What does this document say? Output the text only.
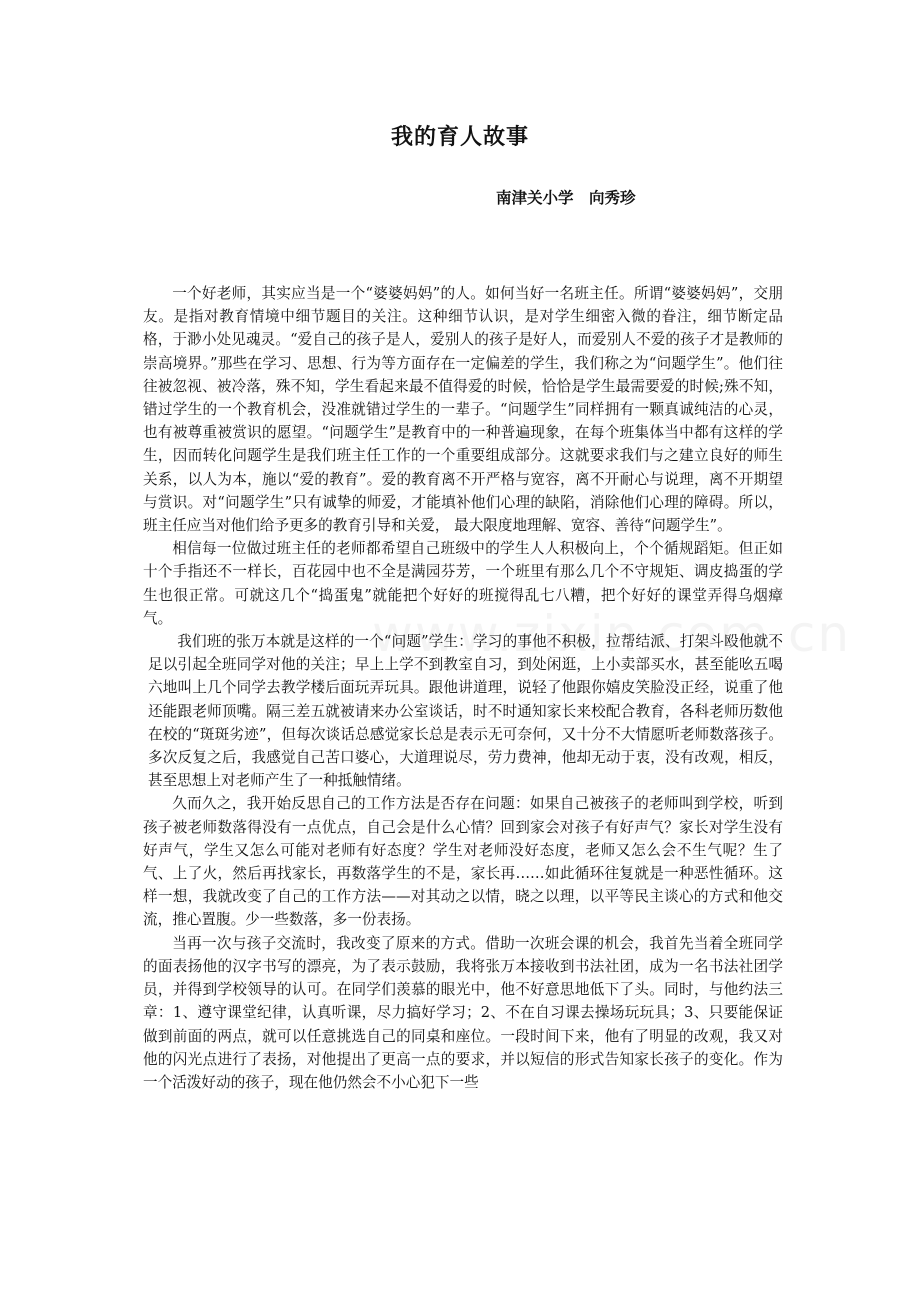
我的育人故事
南津关小学　向秀珍

一个好老师，其实应当是一个“婆婆妈妈”的人。如何当好一名班主任。所谓“婆婆妈妈”，交朋友。是指对教育情境中细节题目的关注。这种细节认识，是对学生细密入微的眷注，细节断定品格，于渺小处见魂灵。“爱自己的孩子是人，爱别人的孩子是好人，而爱别人不爱的孩子才是教师的崇高境界。”那些在学习、思想、行为等方面存在一定偏差的学生，我们称之为“问题学生”。他们往往被忽视、被冷落，殊不知，学生看起来最不值得爱的时候，恰恰是学生最需要爱的时候;殊不知，错过学生的一个教育机会，没准就错过学生的一辈子。“问题学生”同样拥有一颗真诚纯洁的心灵，也有被尊重被赏识的愿望。“问题学生”是教育中的一种普遍现象，在每个班集体当中都有这样的学生，因而转化问题学生是我们班主任工作的一个重要组成部分。这就要求我们与之建立良好的师生关系，以人为本，施以“爱的教育”。爱的教育离不开严格与宽容，离不开耐心与说理，离不开期望与赏识。对“问题学生”只有诚挚的师爱，才能填补他们心理的缺陷，消除他们心理的障碍。所以，班主任应当对他们给予更多的教育引导和关爱， 最大限度地理解、宽容、善待“问题学生”。

相信每一位做过班主任的老师都希望自己班级中的学生人人积极向上，个个循规蹈矩。但正如十个手指还不一样长，百花园中也不全是满园芬芳，一个班里有那么几个不守规矩、调皮捣蛋的学生也很正常。可就这几个“捣蛋鬼”就能把个好好的班搅得乱七八糟，把个好好的课堂弄得乌烟瘴气。

我们班的张万本就是这样的一个“问题”学生：学习的事他不积极，拉帮结派、打架斗殴他就不足以引起全班同学对他的关注；早上上学不到教室自习，到处闲逛，上小卖部买水，甚至能吆五喝六地叫上几个同学去教学楼后面玩弄玩具。跟他讲道理，说轻了他跟你嬉皮笑脸没正经，说重了他还能跟老师顶嘴。隔三差五就被请来办公室谈话，时不时通知家长来校配合教育，各科老师历数他在校的“斑斑劣迹”，但每次谈话总感觉家长总是表示无可奈何，又十分不大情愿听老师数落孩子。多次反复之后，我感觉自己苦口婆心，大道理说尽，劳力费神，他却无动于衷，没有改观，相反，甚至思想上对老师产生了一种抵触情绪。

久而久之，我开始反思自己的工作方法是否存在问题：如果自己被孩子的老师叫到学校，听到孩子被老师数落得没有一点优点，自己会是什么心情？回到家会对孩子有好声气？家长对学生没有好声气，学生又怎么可能对老师有好态度？学生对老师没好态度，老师又怎么会不生气呢？生了气、上了火，然后再找家长，再数落学生的不是，家长再……如此循环往复就是一种恶性循环。这样一想，我就改变了自己的工作方法——对其动之以情，晓之以理，以平等民主谈心的方式和他交流，推心置腹。少一些数落，多一份表扬。

当再一次与孩子交流时，我改变了原来的方式。借助一次班会课的机会，我首先当着全班同学的面表扬他的汉字书写的漂亮，为了表示鼓励，我将张万本接收到书法社团，成为一名书法社团学员，并得到学校领导的认可。在同学们羡慕的眼光中，他不好意思地低下了头。同时，与他约法三章：1、遵守课堂纪律，认真听课，尽力搞好学习；2、不在自习课去操场玩玩具；3、只要能保证做到前面的两点，就可以任意挑选自己的同桌和座位。一段时间下来，他有了明显的改观，我又对他的闪光点进行了表扬，对他提出了更高一点的要求，并以短信的形式告知家长孩子的变化。作为一个活泼好动的孩子，现在他仍然会不小心犯下一些
